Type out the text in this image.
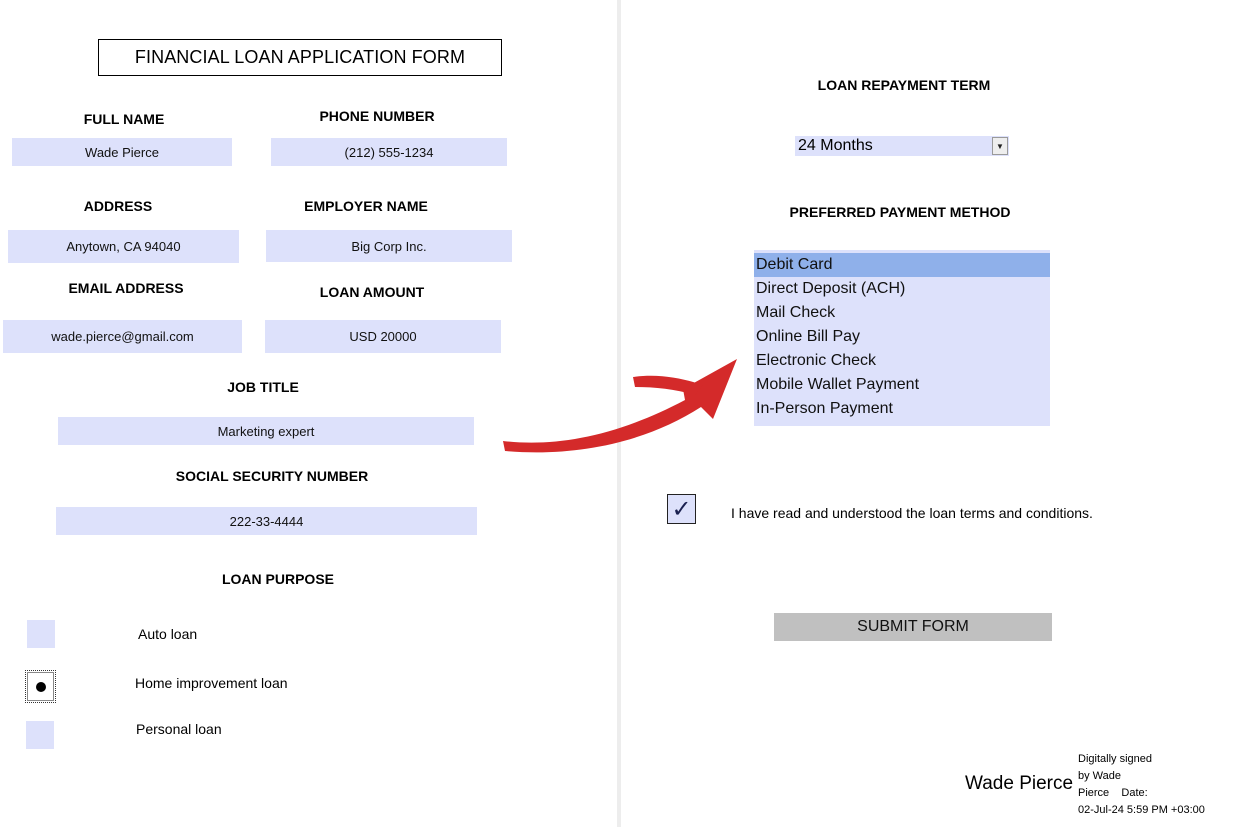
FINANCIAL LOAN APPLICATION FORM
FULL NAME
Wade Pierce
PHONE NUMBER
(212) 555-1234
ADDRESS
Anytown, CA 94040
EMPLOYER NAME
Big Corp Inc.
EMAIL ADDRESS
wade.pierce@gmail.com
LOAN AMOUNT
USD 20000
JOB TITLE
Marketing expert
SOCIAL SECURITY NUMBER
222-33-4444
LOAN PURPOSE
Auto loan
Home improvement loan
Personal loan
LOAN REPAYMENT TERM
24 Months	▼
PREFERRED PAYMENT METHOD
Debit Card
Direct Deposit (ACH)
Mail Check
Online Bill Pay
Electronic Check
Mobile Wallet Payment
In-Person Payment
✓	I have read and understood the loan terms and conditions.
SUBMIT FORM
Wade Pierce
Digitally signed
by Wade
Pierce    Date:
02-Jul-24 5:59 PM +03:00
